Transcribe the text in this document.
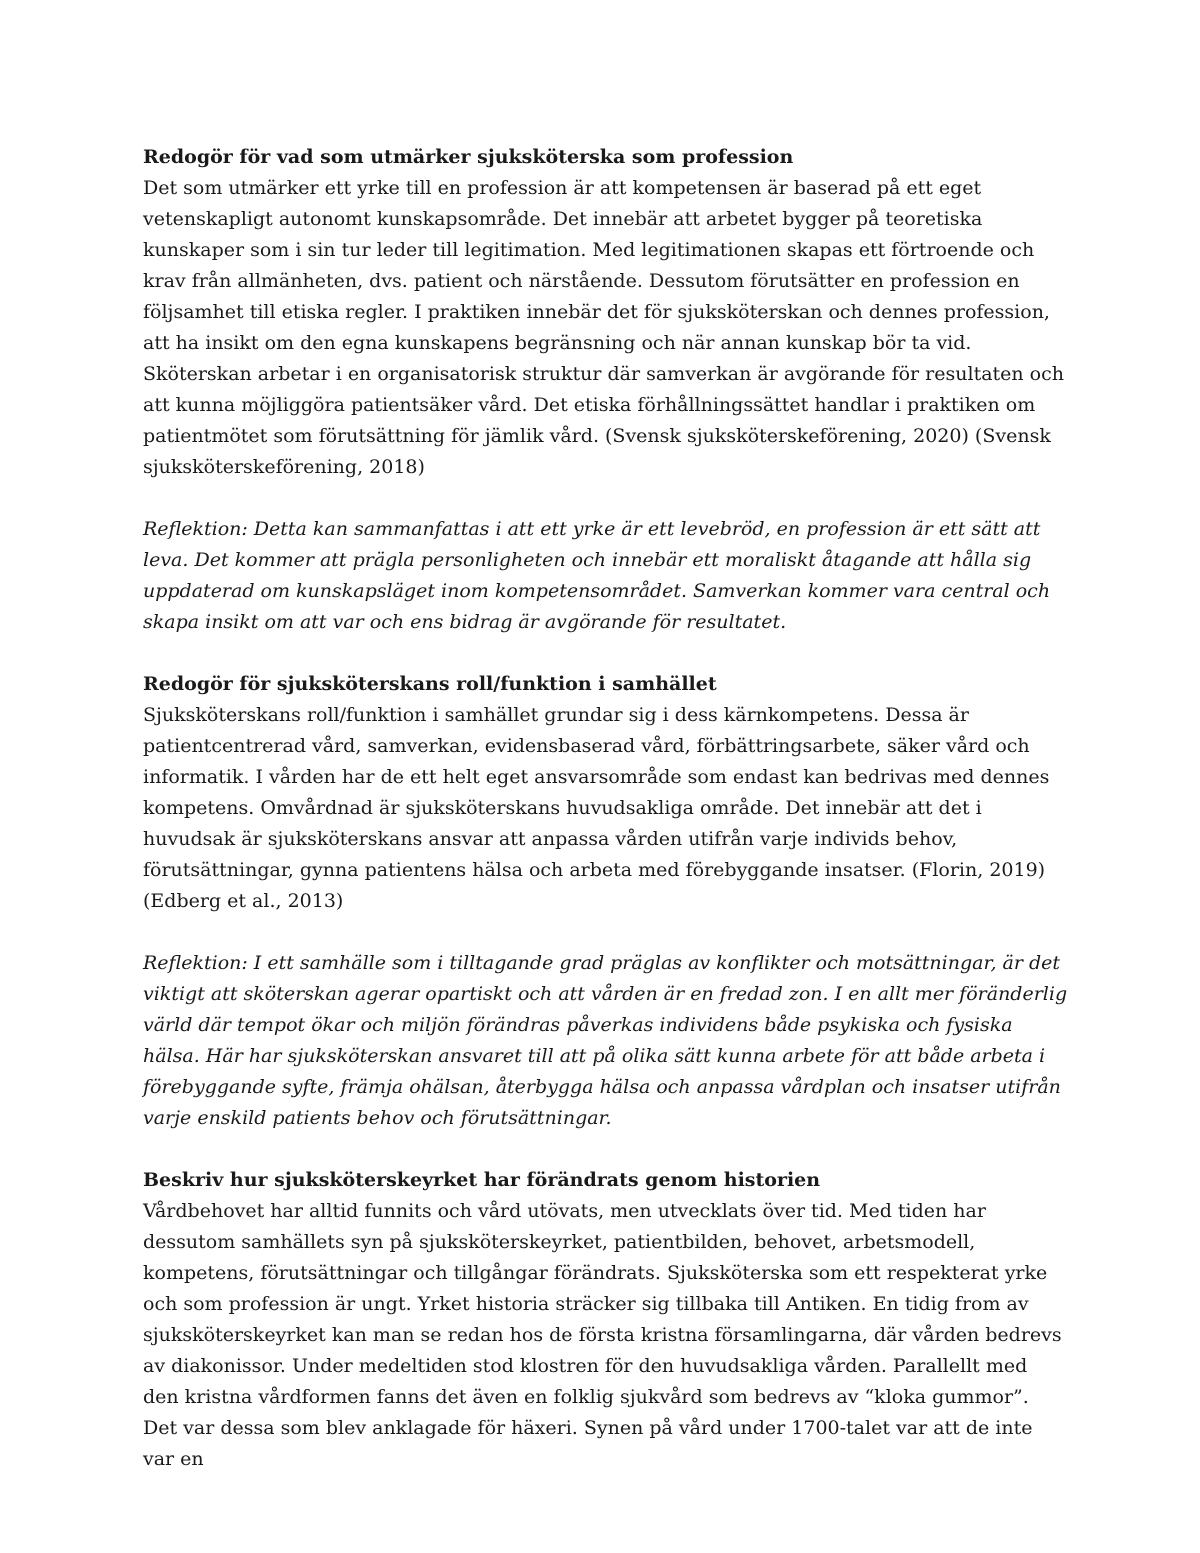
Redogör för vad som utmärker sjuksköterska som profession
Det som utmärker ett yrke till en profession är att kompetensen är baserad på ett eget vetenskapligt autonomt kunskapsområde. Det innebär att arbetet bygger på teoretiska kunskaper som i sin tur leder till legitimation. Med legitimationen skapas ett förtroende och krav från allmänheten, dvs. patient och närstående. Dessutom förutsätter en profession en följsamhet till etiska regler. I praktiken innebär det för sjuksköterskan och dennes profession, att ha insikt om den egna kunskapens begränsning och när annan kunskap bör ta vid. Sköterskan arbetar i en organisatorisk struktur där samverkan är avgörande för resultaten och att kunna möjliggöra patientsäker vård. Det etiska förhållningssättet handlar i praktiken om patientmötet som förutsättning för jämlik vård. (Svensk sjuksköterskeförening, 2020) (Svensk sjuksköterskeförening, 2018)
Reflektion: Detta kan sammanfattas i att ett yrke är ett levebröd, en profession är ett sätt att leva. Det kommer att prägla personligheten och innebär ett moraliskt åtagande att hålla sig uppdaterad om kunskapsläget inom kompetensområdet. Samverkan kommer vara central och skapa insikt om att var och ens bidrag är avgörande för resultatet.
Redogör för sjuksköterskans roll/funktion i samhället
Sjuksköterskans roll/funktion i samhället grundar sig i dess kärnkompetens. Dessa är patientcentrerad vård, samverkan, evidensbaserad vård, förbättringsarbete, säker vård och informatik. I vården har de ett helt eget ansvarsområde som endast kan bedrivas med dennes kompetens. Omvårdnad är sjuksköterskans huvudsakliga område. Det innebär att det i huvudsak är sjuksköterskans ansvar att anpassa vården utifrån varje individs behov, förutsättningar, gynna patientens hälsa och arbeta med förebyggande insatser. (Florin, 2019) (Edberg et al., 2013)
Reflektion: I ett samhälle som i tilltagande grad präglas av konflikter och motsättningar, är det viktigt att sköterskan agerar opartiskt och att vården är en fredad zon. I en allt mer föränderlig värld där tempot ökar och miljön förändras påverkas individens både psykiska och fysiska hälsa. Här har sjuksköterskan ansvaret till att på olika sätt kunna arbete för att både arbeta i förebyggande syfte, främja ohälsan, återbygga hälsa och anpassa vårdplan och insatser utifrån varje enskild patients behov och förutsättningar.
Beskriv hur sjuksköterskeyrket har förändrats genom historien
Vårdbehovet har alltid funnits och vård utövats, men utvecklats över tid. Med tiden har dessutom samhällets syn på sjuksköterskeyrket, patientbilden, behovet, arbetsmodell, kompetens, förutsättningar och tillgångar förändrats. Sjuksköterska som ett respekterat yrke och som profession är ungt. Yrket historia sträcker sig tillbaka till Antiken. En tidig from av sjuksköterskeyrket kan man se redan hos de första kristna församlingarna, där vården bedrevs av diakonissor. Under medeltiden stod klostren för den huvudsakliga vården. Parallellt med den kristna vårdformen fanns det även en folklig sjukvård som bedrevs av “kloka gummor”. Det var dessa som blev anklagade för häxeri. Synen på vård under 1700-talet var att de inte var en
